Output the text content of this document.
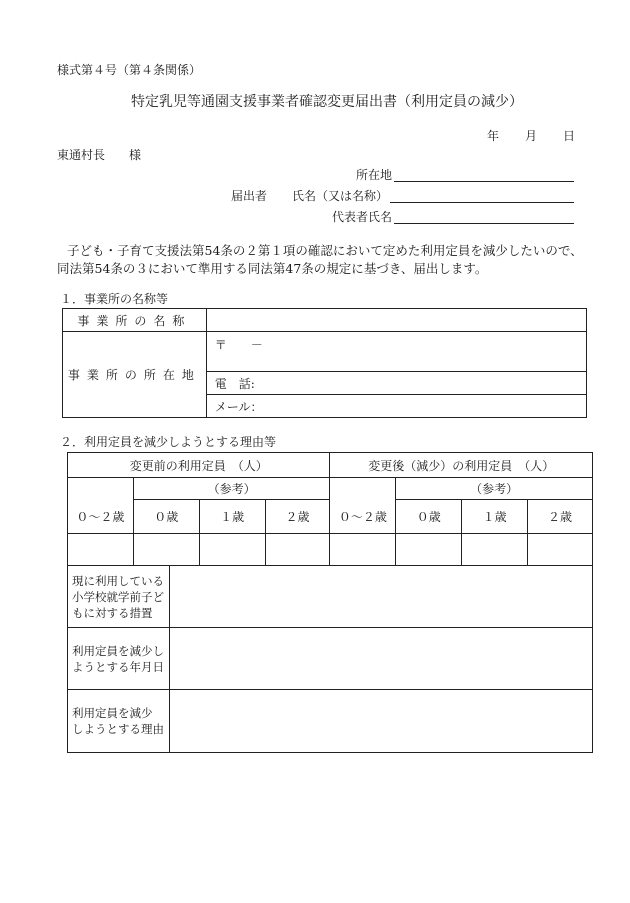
様式第４号（第４条関係）
特定乳児等通園支援事業者確認変更届出書（利用定員の減少）
年 月 日
東通村長　　様
所在地
届出者 氏名（又は名称）
代表者氏名
子ども・子育て支援法第54条の２第１項の確認において定めた利用定員を減少したいので、
同法第54条の３において準用する同法第47条の規定に基づき、届出します。
１．事業所の名称等
事業所の名称	
事業所の所在地	〒　　－
	電　話:
	メール：
２．利用定員を減少しようとする理由等
変更前の利用定員　（人）				変更後（減少）の利用定員　（人）			
	（参考）				（参考）		

０～２歳	０歳	１歳	２歳	０～２歳	０歳	１歳	２歳

現に利用している
小学校就学前子ど
もに対する措置	

利用定員を減少し
ようとする年月日	

利用定員を減少
しようとする理由	
